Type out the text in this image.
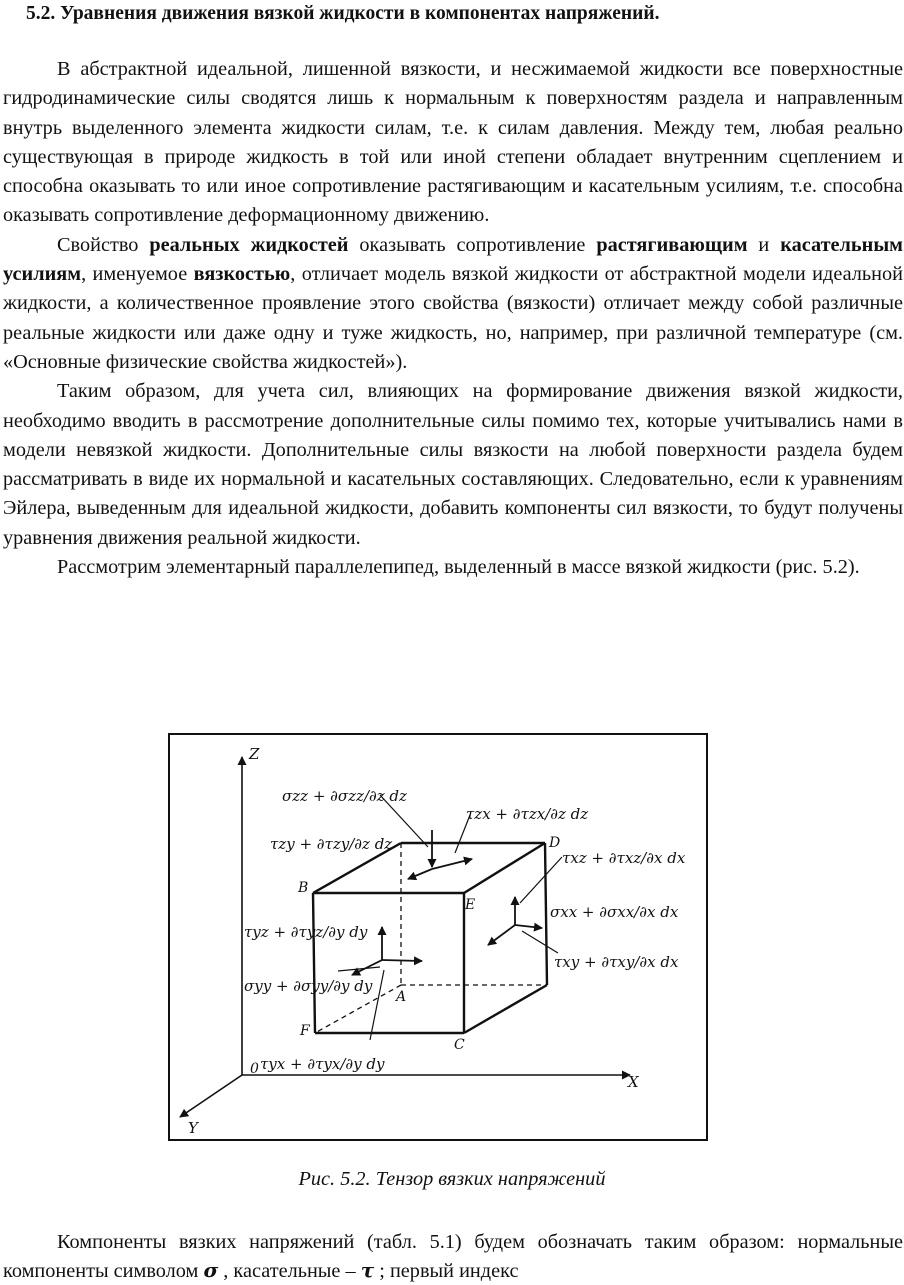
5.2. Уравнения движения вязкой жидкости в компонентах напряжений.

В абстрактной идеальной, лишенной вязкости, и несжимаемой жидкости все поверхностные гидродинамические силы сводятся лишь к нормальным к поверхностям раздела и направленным внутрь выделенного элемента жидкости силам, т.е. к силам давления. Между тем, любая реально существующая в природе жидкость в той или иной степени обладает внутренним сцеплением и способна оказывать то или иное сопротивление растягивающим и касательным усилиям, т.е. способна оказывать сопротивление деформационному движению.

Свойство реальных жидкостей оказывать сопротивление растягивающим и касательным усилиям, именуемое вязкостью, отличает модель вязкой жидкости от абстрактной модели идеальной жидкости, а количественное проявление этого свойства (вязкости) отличает между собой различные реальные жидкости или даже одну и туже жидкость, но, например, при различной температуре (см. «Основные физические свойства жидкостей»).

Таким образом, для учета сил, влияющих на формирование движения вязкой жидкости, необходимо вводить в рассмотрение дополнительные силы помимо тех, которые учитывались нами в модели невязкой жидкости. Дополнительные силы вязкости на любой поверхности раздела будем рассматривать в виде их нормальной и касательных составляющих. Следовательно, если к уравнениям Эйлера, выведенным для идеальной жидкости, добавить компоненты сил вязкости, то будут получены уравнения движения реальной жидкости.

Рассмотрим элементарный параллелепипед, выделенный в массе вязкой жидкости (рис. 5.2).

Z
X
Y
0
A
B
C
D
E
F
σzz + ∂σzz/∂z dz
τzy + ∂τzy/∂z dz
τzx + ∂τzx/∂z dz
τxz + ∂τxz/∂x dx
σxx + ∂σxx/∂x dx
τxy + ∂τxy/∂x dx
τyz + ∂τyz/∂y dy
σyy + ∂σyy/∂y dy
τyx + ∂τyx/∂y dy
Рис. 5.2. Тензор вязких напряжений

Компоненты вязких напряжений (табл. 5.1) будем обозначать таким образом: нормальные компоненты символом σ , касательные – τ ; первый индекс
